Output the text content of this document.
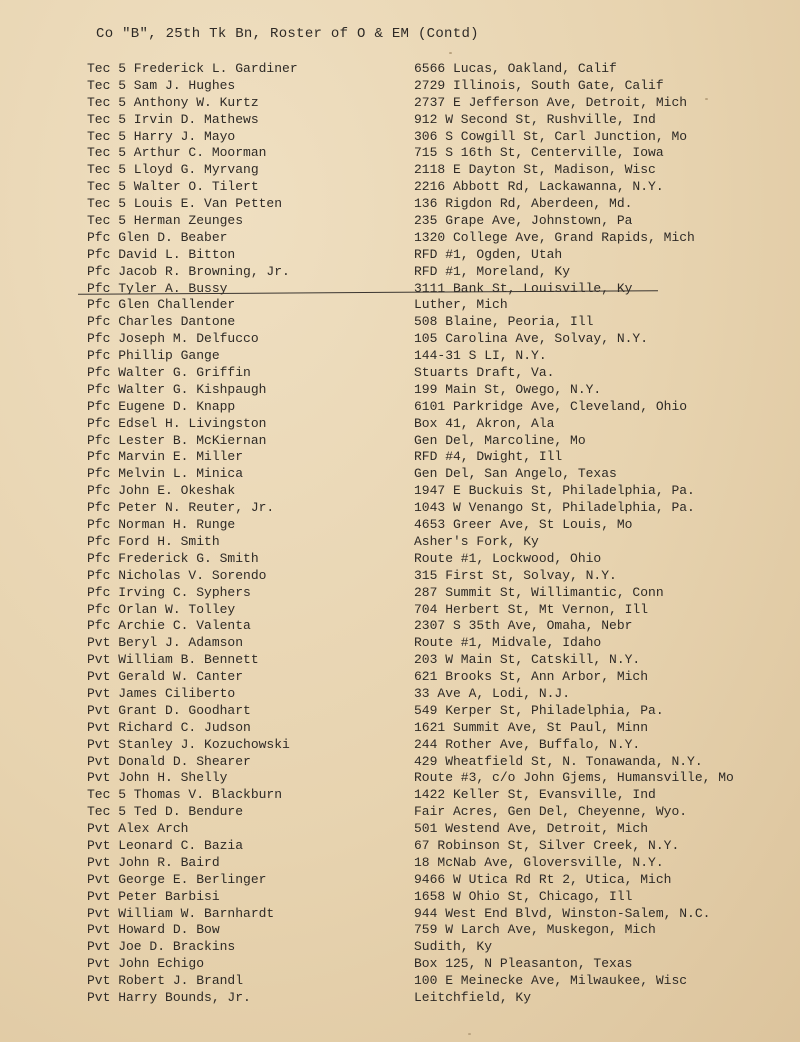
Co "B", 25th Tk Bn, Roster of O & EM (Contd)
Tec 5 Frederick L. Gardiner	6566 Lucas, Oakland, Calif
Tec 5 Sam J. Hughes	2729 Illinois, South Gate, Calif
Tec 5 Anthony W. Kurtz	2737 E Jefferson Ave, Detroit, Mich
Tec 5 Irvin D. Mathews	912 W Second St, Rushville, Ind
Tec 5 Harry J. Mayo	306 S Cowgill St, Carl Junction, Mo
Tec 5 Arthur C. Moorman	715 S 16th St, Centerville, Iowa
Tec 5 Lloyd G. Myrvang	2118 E Dayton St, Madison, Wisc
Tec 5 Walter O. Tilert	2216 Abbott Rd, Lackawanna, N.Y.
Tec 5 Louis E. Van Petten	136 Rigdon Rd, Aberdeen, Md.
Tec 5 Herman Zeunges	235 Grape Ave, Johnstown, Pa
Pfc Glen D. Beaber	1320 College Ave, Grand Rapids, Mich
Pfc David L. Bitton	RFD #1, Ogden, Utah
Pfc Jacob R. Browning, Jr.	RFD #1, Moreland, Ky
Pfc Tyler A. Bussy	3111 Bank St, Louisville, Ky
Pfc Glen Challender	Luther, Mich
Pfc Charles Dantone	508 Blaine, Peoria, Ill
Pfc Joseph M. Delfucco	105 Carolina Ave, Solvay, N.Y.
Pfc Phillip Gange	144-31 S LI, N.Y.
Pfc Walter G. Griffin	Stuarts Draft, Va.
Pfc Walter G. Kishpaugh	199 Main St, Owego, N.Y.
Pfc Eugene D. Knapp	6101 Parkridge Ave, Cleveland, Ohio
Pfc Edsel H. Livingston	Box 41, Akron, Ala
Pfc Lester B. McKiernan	Gen Del, Marcoline, Mo
Pfc Marvin E. Miller	RFD #4, Dwight, Ill
Pfc Melvin L. Minica	Gen Del, San Angelo, Texas
Pfc John E. Okeshak	1947 E Buckuis St, Philadelphia, Pa.
Pfc Peter N. Reuter, Jr.	1043 W Venango St, Philadelphia, Pa.
Pfc Norman H. Runge	4653 Greer Ave, St Louis, Mo
Pfc Ford H. Smith	Asher's Fork, Ky
Pfc Frederick G. Smith	Route #1, Lockwood, Ohio
Pfc Nicholas V. Sorendo	315 First St, Solvay, N.Y.
Pfc Irving C. Syphers	287 Summit St, Willimantic, Conn
Pfc Orlan W. Tolley	704 Herbert St, Mt Vernon, Ill
Pfc Archie C. Valenta	2307 S 35th Ave, Omaha, Nebr
Pvt Beryl J. Adamson	Route #1, Midvale, Idaho
Pvt William B. Bennett	203 W Main St, Catskill, N.Y.
Pvt Gerald W. Canter	621 Brooks St, Ann Arbor, Mich
Pvt James Ciliberto	33 Ave A, Lodi, N.J.
Pvt Grant D. Goodhart	549 Kerper St, Philadelphia, Pa.
Pvt Richard C. Judson	1621 Summit Ave, St Paul, Minn
Pvt Stanley J. Kozuchowski	244 Rother Ave, Buffalo, N.Y.
Pvt Donald D. Shearer	429 Wheatfield St, N. Tonawanda, N.Y.
Pvt John H. Shelly	Route #3, c/o John Gjems, Humansville, Mo
Tec 5 Thomas V. Blackburn	1422 Keller St, Evansville, Ind
Tec 5 Ted D. Bendure	Fair Acres, Gen Del, Cheyenne, Wyo.
Pvt Alex Arch	501 Westend Ave, Detroit, Mich
Pvt Leonard C. Bazia	67 Robinson St, Silver Creek, N.Y.
Pvt John R. Baird	18 McNab Ave, Gloversville, N.Y.
Pvt George E. Berlinger	9466 W Utica Rd Rt 2, Utica, Mich
Pvt Peter Barbisi	1658 W Ohio St, Chicago, Ill
Pvt William W. Barnhardt	944 West End Blvd, Winston-Salem, N.C.
Pvt Howard D. Bow	759 W Larch Ave, Muskegon, Mich
Pvt Joe D. Brackins	Sudith, Ky
Pvt John Echigo	Box 125, N Pleasanton, Texas
Pvt Robert J. Brandl	100 E Meinecke Ave, Milwaukee, Wisc
Pvt Harry Bounds, Jr.	Leitchfield, Ky
